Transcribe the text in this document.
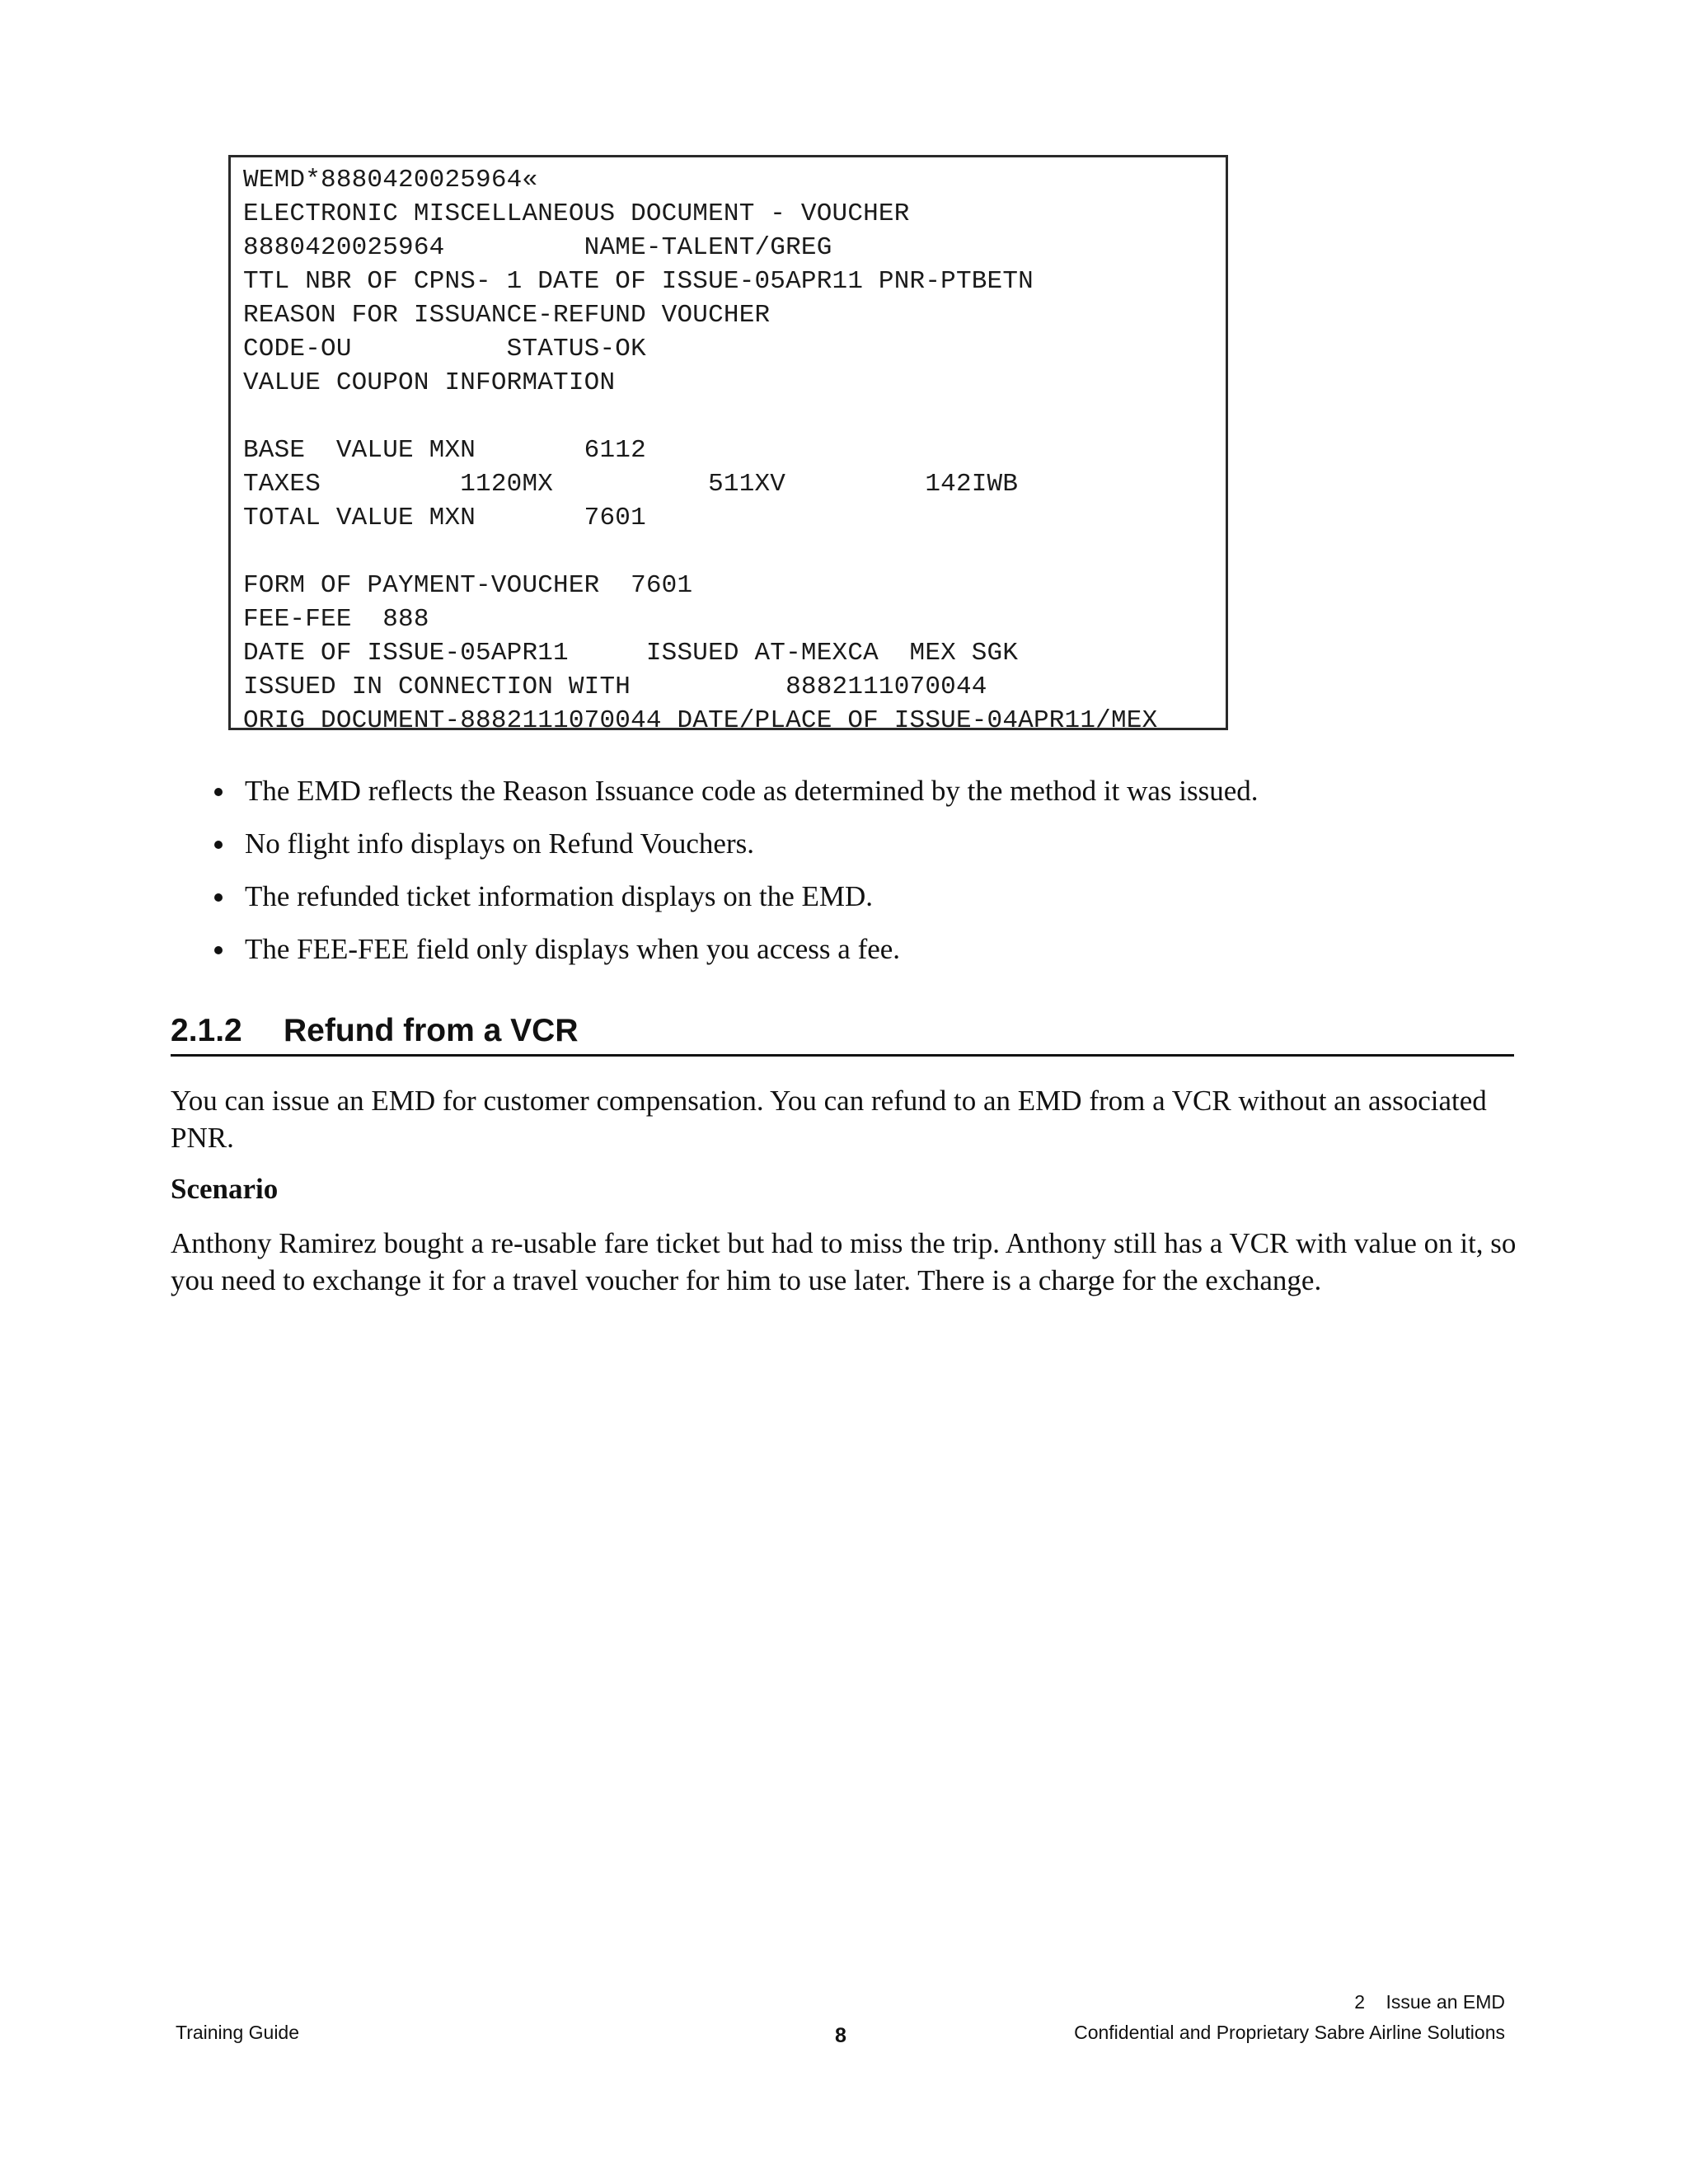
WEMD*8880420025964«
ELECTRONIC MISCELLANEOUS DOCUMENT - VOUCHER
8880420025964         NAME-TALENT/GREG
TTL NBR OF CPNS- 1 DATE OF ISSUE-05APR11 PNR-PTBETN
REASON FOR ISSUANCE-REFUND VOUCHER
CODE-OU          STATUS-OK
VALUE COUPON INFORMATION
BASE  VALUE MXN       6112
TAXES         1120MX          511XV         142IWB
TOTAL VALUE MXN       7601
FORM OF PAYMENT-VOUCHER  7601
FEE-FEE  888
DATE OF ISSUE-05APR11     ISSUED AT-MEXCA  MEX SGK
ISSUED IN CONNECTION WITH          8882111070044
ORIG DOCUMENT-8882111070044 DATE/PLACE OF ISSUE-04APR11/MEX
The EMD reflects the Reason Issuance code as determined by the method it was issued.
No flight info displays on Refund Vouchers.
The refunded ticket information displays on the EMD.
The FEE-FEE field only displays when you access a fee.
2.1.2 Refund from a VCR

You can issue an EMD for customer compensation. You can refund to an EMD from a VCR without an associated PNR.

Scenario

Anthony Ramirez bought a re-usable fare ticket but had to miss the trip. Anthony still has a VCR with value on it, so you need to exchange it for a travel voucher for him to use later. There is a charge for the exchange.

2    Issue an EMD
Training Guide	8	Confidential and Proprietary Sabre Airline Solutions
